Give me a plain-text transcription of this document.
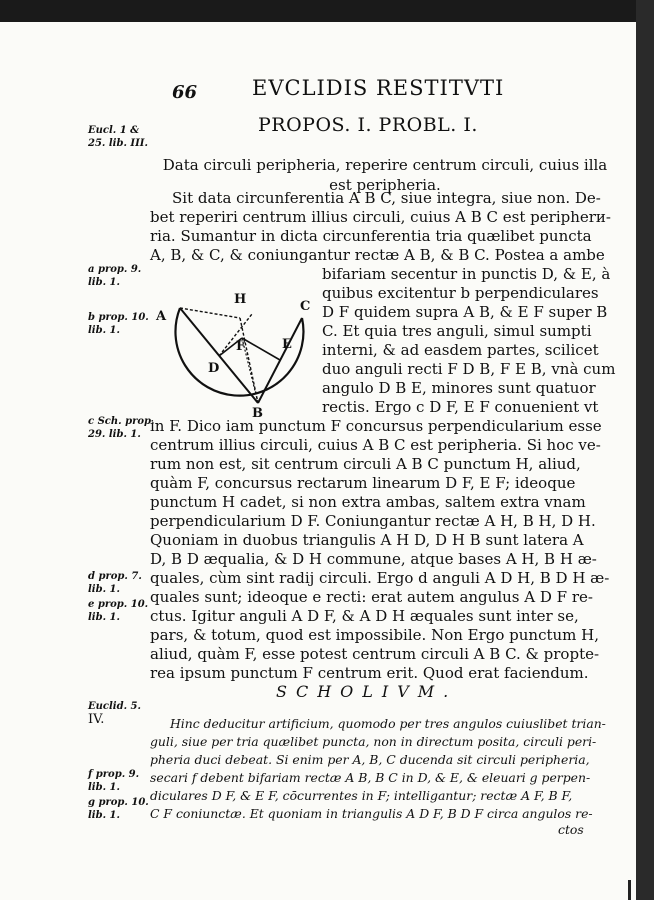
66	EVCLIDIS RESTITVTI
PROPOS. I. PROBL. I.
Eucl. 1 &
25. lib. III.
a prop. 9.
lib. 1.
b prop. 10.
lib. 1.
c Sch. prop.
29. lib. 1.
d prop. 7.
lib. 1.
e prop. 10.
lib. 1.
Euclid. 5.
IV.
f prop. 9.
lib. 1.
g prop. 10.
lib. 1.
Data circuli peripheria, reperire centrum circuli, cuius illa
est peripheria.
Sit data circunferentia A B C, siue integra, siue non. De-
bet reperiri centrum illius circuli, cuius A B C est peripherи-
ria. Sumantur in dicta circunferentia tria quælibet puncta
A, B, & C, & coniungantur rectæ A B, & B C. Postea a ambe
bifariam secentur in punctis D, & E, à
quibus excitentur b perpendiculares
D F quidem supra A B, & E F super B
C. Et quia tres anguli, simul sumpti
interni, & ad easdem partes, scilicet
duo anguli recti F D B, F E B, vnà cum
angulo D B E, minores sunt quatuor
rectis. Ergo c D F, E F conuenient vt
in F. Dico iam punctum F concursus perpendicularium esse
centrum illius circuli, cuius A B C est peripheria. Si hoc ve-
rum non est, sit centrum circuli A B C punctum H, aliud,
quàm F, concursus rectarum linearum D F, E F; ideoque
punctum H cadet, si non extra ambas, saltem extra vnam
perpendicularium D F. Coniungantur rectæ A H, B H, D H.
Quoniam in duobus triangulis A H D, D H B sunt latera A
D, B D æqualia, & D H commune, atque bases A H, B H æ-
quales, cùm sint radij circuli. Ergo d anguli A D H, B D H æ-
quales sunt; ideoque e recti: erat autem angulus A D F re-
ctus. Igitur anguli A D F, & A D H æquales sunt inter se,
pars, & totum, quod est impossibile. Non Ergo punctum H,
aliud, quàm F, esse potest centrum circuli A B C. & propte-
A
H	C
F	E
D
B
SCHOLIVM.
Hinc deducitur artificium, quomodo per tres angulos cuiuslibet trian-
guli, siue per tria quælibet puncta, non in directum posita, circuli peri-
pheria duci debeat. Si enim per A, B, C ducenda sit circuli peripheria,
secari f debent bifariam rectæ A B, B C in D, & E, & eleuari g perpen-
diculares D F, & E F, cōcurrentes in F; intelligantur; rectæ A F, B F,
C F coniunctæ. Et quoniam in triangulis A D F, B D F circa angulos re-
ctos
rea ipsum punctum F centrum erit. Quod erat faciendum.
